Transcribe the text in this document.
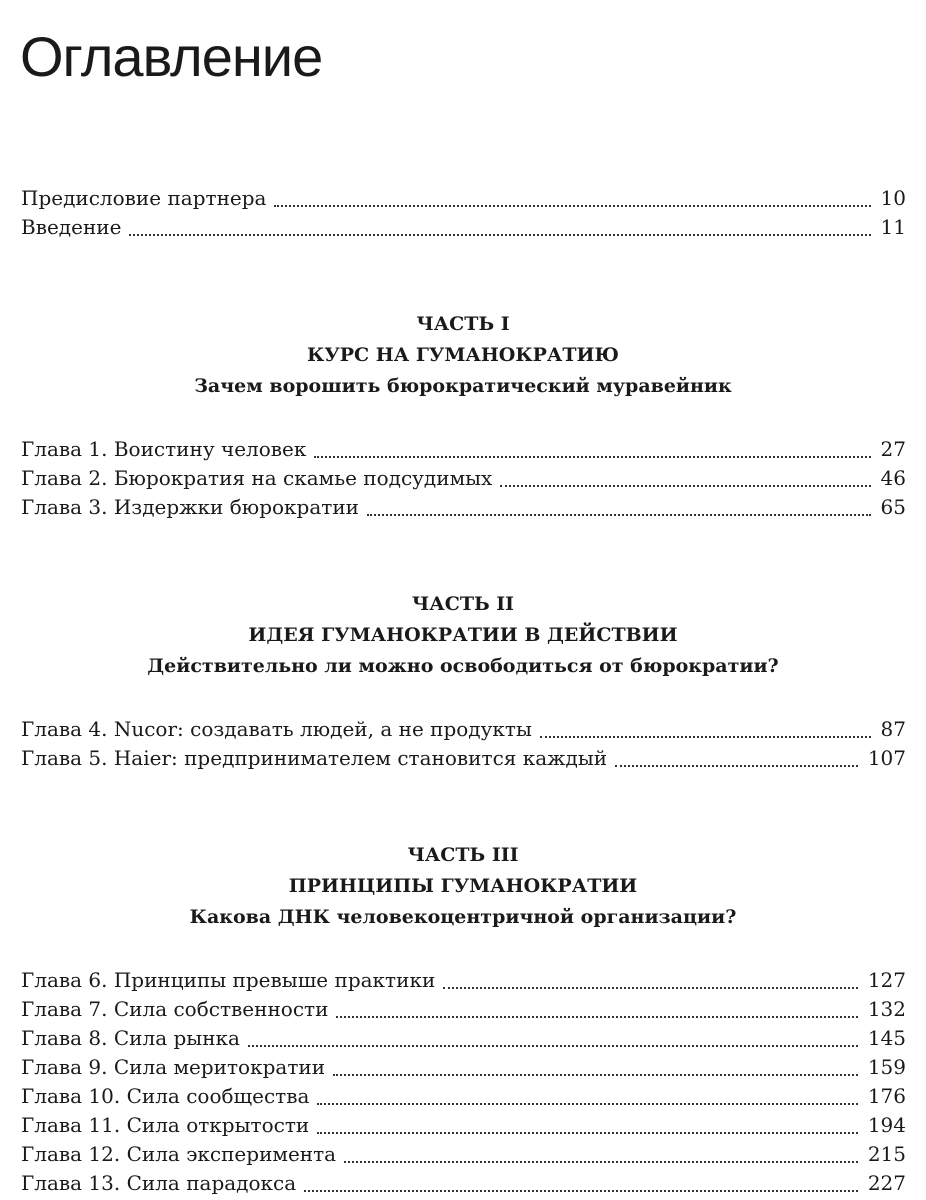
Оглавление
Предисловие партнера	10
Введение	11
ЧАСТЬ I
КУРС НА ГУМАНОКРАТИЮ
Зачем ворошить бюрократический муравейник
Глава 1. Воистину человек	27
Глава 2. Бюрократия на скамье подсудимых	46
Глава 3. Издержки бюрократии	65
ЧАСТЬ II
ИДЕЯ ГУМАНОКРАТИИ В ДЕЙСТВИИ
Действительно ли можно освободиться от бюрократии?
Глава 4. Nucor: создавать людей, а не продукты	87
Глава 5. Haier: предпринимателем становится каждый	107
ЧАСТЬ III
ПРИНЦИПЫ ГУМАНОКРАТИИ
Какова ДНК человекоцентричной организации?
Глава 6. Принципы превыше практики	127
Глава 7. Сила собственности	132
Глава 8. Сила рынка	145
Глава 9. Сила меритократии	159
Глава 10. Сила сообщества	176
Глава 11. Сила открытости	194
Глава 12. Сила эксперимента	215
Глава 13. Сила парадокса	227
